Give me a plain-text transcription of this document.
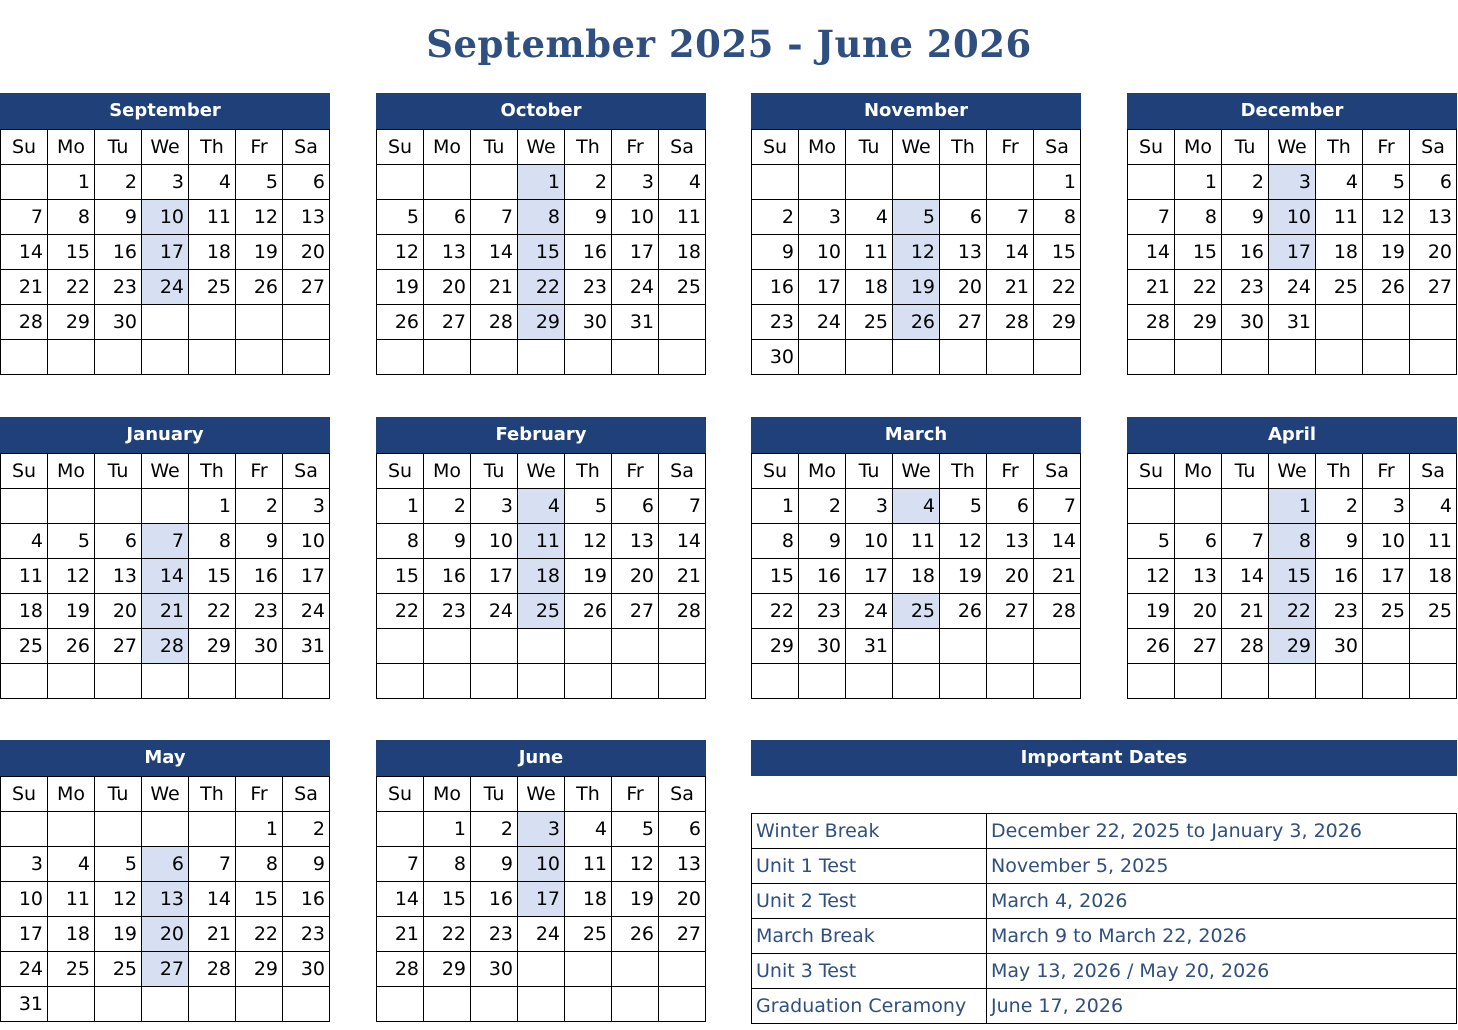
September 2025 - June 2026
September
Su	Mo	Tu	We	Th	Fr	Sa
	1	2	3	4	5	6
7	8	9	10	11	12	13
14	15	16	17	18	19	20
21	22	23	24	25	26	27
28	29	30				

October
Su	Mo	Tu	We	Th	Fr	Sa
			1	2	3	4
5	6	7	8	9	10	11
12	13	14	15	16	17	18
19	20	21	22	23	24	25
26	27	28	29	30	31	

November
Su	Mo	Tu	We	Th	Fr	Sa
						1
2	3	4	5	6	7	8
9	10	11	12	13	14	15
16	17	18	19	20	21	22
23	24	25	26	27	28	29
30						
December
Su	Mo	Tu	We	Th	Fr	Sa
	1	2	3	4	5	6
7	8	9	10	11	12	13
14	15	16	17	18	19	20
21	22	23	24	25	26	27
28	29	30	31			

January
Su	Mo	Tu	We	Th	Fr	Sa
				1	2	3
4	5	6	7	8	9	10
11	12	13	14	15	16	17
18	19	20	21	22	23	24
25	26	27	28	29	30	31

February
Su	Mo	Tu	We	Th	Fr	Sa
1	2	3	4	5	6	7
8	9	10	11	12	13	14
15	16	17	18	19	20	21
22	23	24	25	26	27	28

March
Su	Mo	Tu	We	Th	Fr	Sa
1	2	3	4	5	6	7
8	9	10	11	12	13	14
15	16	17	18	19	20	21
22	23	24	25	26	27	28
29	30	31				

April
Su	Mo	Tu	We	Th	Fr	Sa
			1	2	3	4
5	6	7	8	9	10	11
12	13	14	15	16	17	18
19	20	21	22	23	25	25
26	27	28	29	30		

May
Su	Mo	Tu	We	Th	Fr	Sa
					1	2
3	4	5	6	7	8	9
10	11	12	13	14	15	16
17	18	19	20	21	22	23
24	25	25	27	28	29	30
31						
June
Su	Mo	Tu	We	Th	Fr	Sa
	1	2	3	4	5	6
7	8	9	10	11	12	13
14	15	16	17	18	19	20
21	22	23	24	25	26	27
28	29	30				

Important Dates
Winter Break	December 22, 2025 to January 3, 2026
Unit 1 Test	November 5, 2025
Unit 2 Test	March 4, 2026
March Break	March 9 to March 22, 2026
Unit 3 Test	May 13, 2026 / May 20, 2026
Graduation Ceramony	June 17, 2026
